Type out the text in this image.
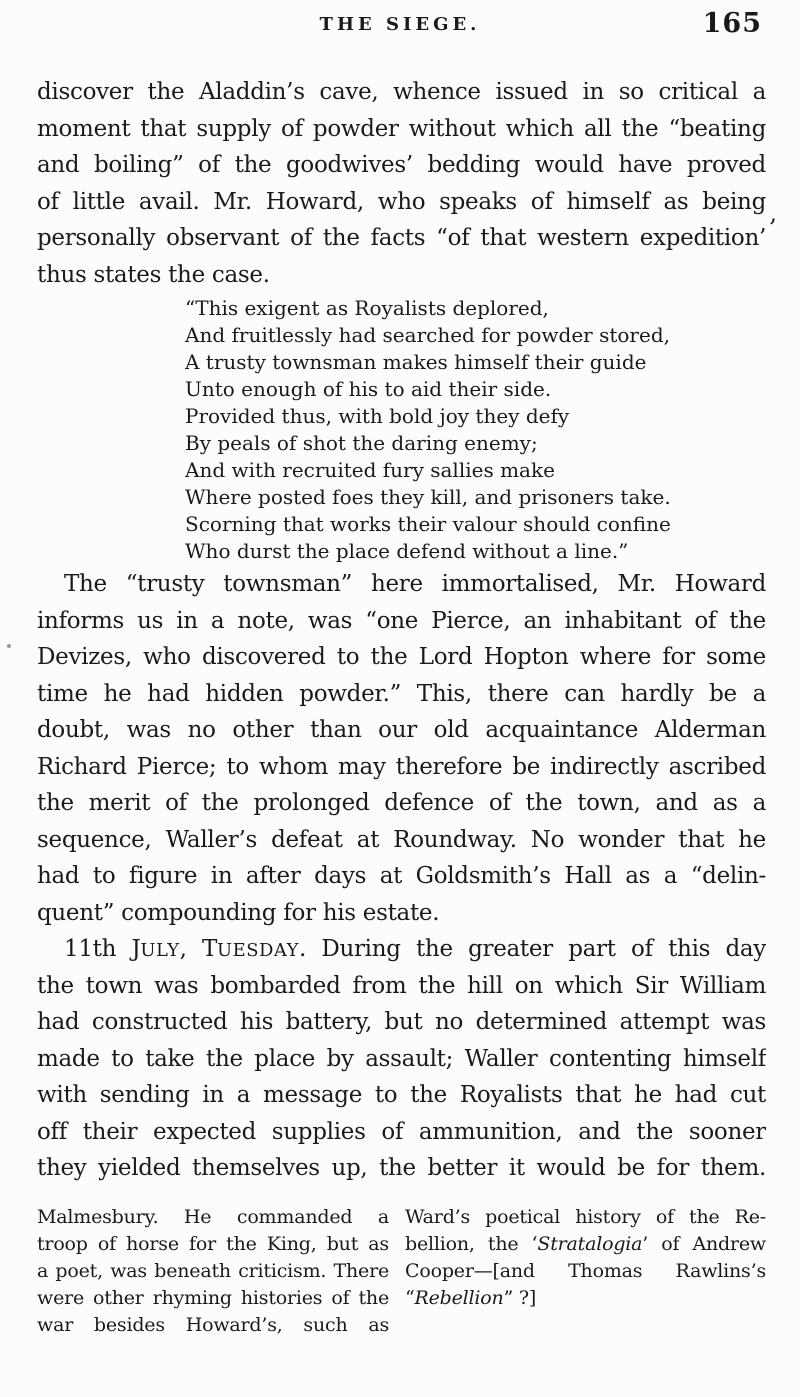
THE SIEGE.	165
discover the Aladdin’s cave, whence issued in so critical a
moment that supply of powder without which all the “beating
and boiling” of the goodwives’ bedding would have proved
of little avail. Mr. Howard, who speaks of himself as being
personally observant of the facts “of that western expedition’
thus states the case.
“This exigent as Royalists deplored,
And fruitlessly had searched for powder stored,
A trusty townsman makes himself their guide
Unto enough of his to aid their side.
Provided thus, with bold joy they defy
By peals of shot the daring enemy;
And with recruited fury sallies make
Where posted foes they kill, and prisoners take.
Scorning that works their valour should confine
Who durst the place defend without a line.”
The “trusty townsman” here immortalised, Mr. Howard
informs us in a note, was “one Pierce, an inhabitant of the
Devizes, who discovered to the Lord Hopton where for some
time he had hidden powder.” This, there can hardly be a
doubt, was no other than our old acquaintance Alderman
Richard Pierce; to whom may therefore be indirectly ascribed
the merit of the prolonged defence of the town, and as a
sequence, Waller’s defeat at Roundway. No wonder that he
had to figure in after days at Goldsmith’s Hall as a “delin-
quent” compounding for his estate.
11th JULY, TUESDAY. During the greater part of this day
the town was bombarded from the hill on which Sir William
had constructed his battery, but no determined attempt was
made to take the place by assault; Waller contenting himself
with sending in a message to the Royalists that he had cut
off their expected supplies of ammunition, and the sooner
they yielded themselves up, the better it would be for them.
Malmesbury. He commanded a
troop of horse for the King, but as
a poet, was beneath criticism. There
were other rhyming histories of the
war besides Howard’s, such as
Ward’s poetical history of the Re-
bellion, the ‘Stratalogia’ of Andrew
Cooper—[and Thomas Rawlins’s
“Rebellion” ?]
,
